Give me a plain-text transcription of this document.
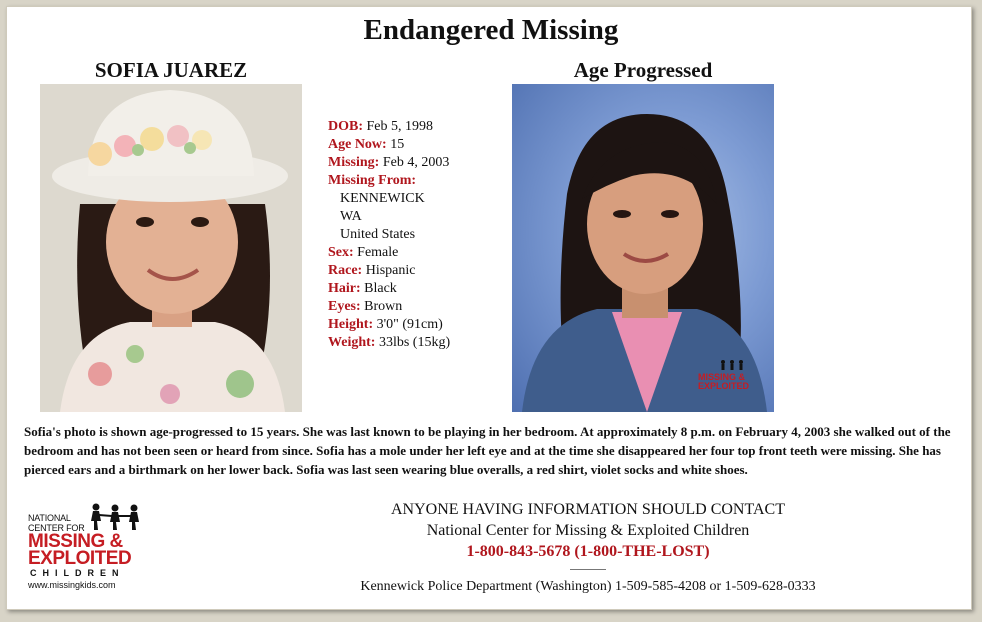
Endangered Missing
SOFIA JUAREZ	Age Progressed
DOB: Feb 5, 1998
Age Now: 15
Missing: Feb 4, 2003
Missing From:
KENNEWICK
WA
United States
Sex: Female
Race: Hispanic
Hair: Black
Eyes: Brown
Height: 3'0" (91cm)
Weight: 33lbs (15kg)
MISSING &
EXPLOITED
Sofia's photo is shown age-progressed to 15 years. She was last known to be playing in her bedroom. At approximately 8 p.m. on February 4, 2003 she walked out of the bedroom and has not been seen or heard from since. Sofia has a mole under her left eye and at the time she disappeared her four top front teeth were missing. She has pierced ears and a birthmark on her lower back. Sofia was last seen wearing blue overalls, a red shirt, violet socks and white shoes.
NATIONAL
CENTER FOR
MISSING &
EXPLOITED
CHILDREN
www.missingkids.com
ANYONE HAVING INFORMATION SHOULD CONTACT
National Center for Missing & Exploited Children
1-800-843-5678 (1-800-THE-LOST)
Kennewick Police Department (Washington) 1-509-585-4208 or 1-509-628-0333
